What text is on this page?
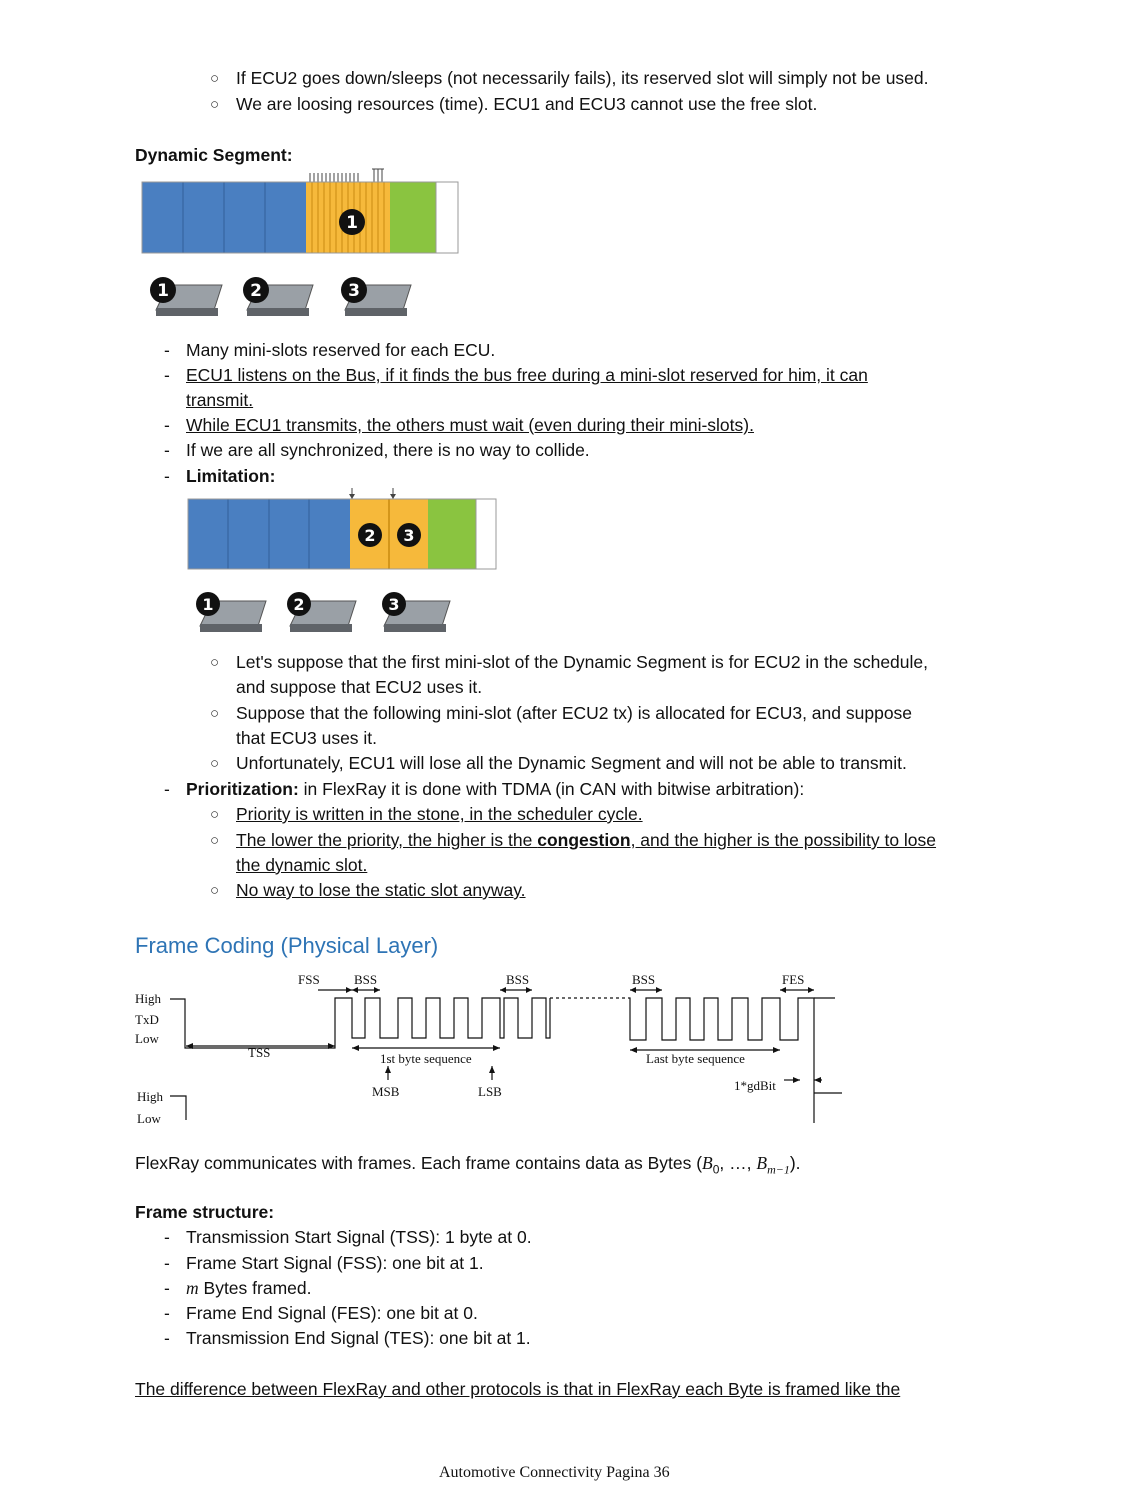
○ If ECU2 goes down/sleeps (not necessarily fails), its reserved slot will simply not be used.
○ We are loosing resources (time). ECU1 and ECU3 cannot use the free slot.
Dynamic Segment:
1
1	2	3
- Many mini-slots reserved for each ECU.
- ECU1 listens on the Bus, if it finds the bus free during a mini-slot reserved for him, it can
transmit.
- While ECU1 transmits, the others must wait (even during their mini-slots).
- If we are all synchronized, there is no way to collide.
- Limitation:
2 3
1	2	3
○ Let's suppose that the first mini-slot of the Dynamic Segment is for ECU2 in the schedule,
and suppose that ECU2 uses it.
○ Suppose that the following mini-slot (after ECU2 tx) is allocated for ECU3, and suppose
that ECU3 uses it.
○ Unfortunately, ECU1 will lose all the Dynamic Segment and will not be able to transmit.
- Prioritization: in FlexRay it is done with TDMA (in CAN with bitwise arbitration):
○ Priority is written in the stone, in the scheduler cycle.
○ The lower the priority, the higher is the congestion, and the higher is the possibility to lose
the dynamic slot.
○ No way to lose the static slot anyway.
Frame Coding (Physical Layer)
High
TxD
Low
FSS	BSS	BSS	BSS	FES
TSS	1st byte sequence	Last byte sequence
MSB	LSB	1*gdBit
High
Low
FlexRay communicates with frames. Each frame contains data as Bytes ($B_0$, …, $B_{m-1}$).
Frame structure:
- Transmission Start Signal (TSS): 1 byte at 0.
- Frame Start Signal (FSS): one bit at 1.
- m Bytes framed.
- Frame End Signal (FES): one bit at 0.
- Transmission End Signal (TES): one bit at 1.
The difference between FlexRay and other protocols is that in FlexRay each Byte is framed like the
Automotive Connectivity Pagina 36
